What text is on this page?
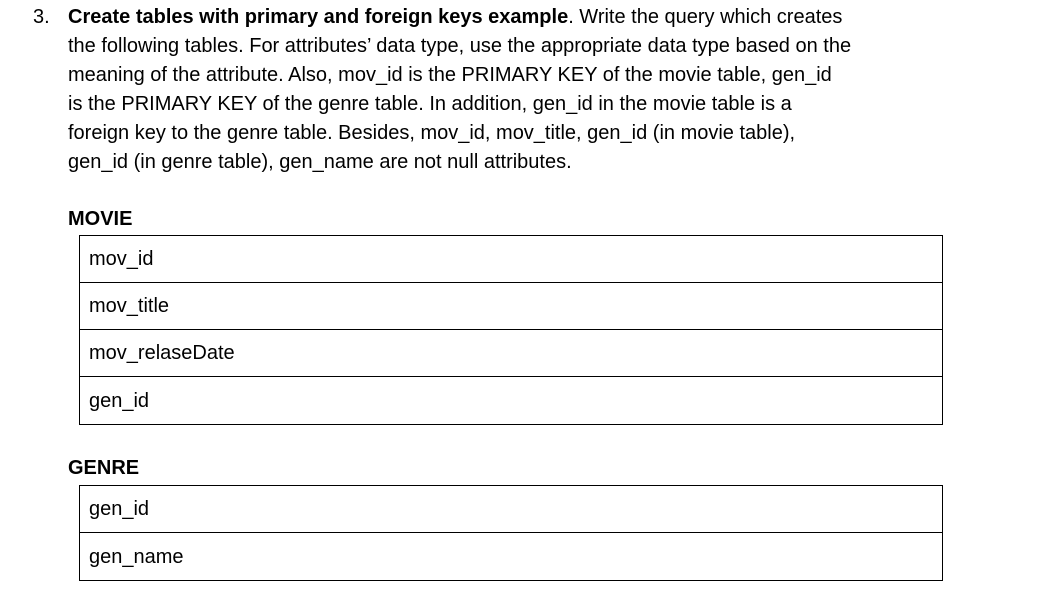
3. Create tables with primary and foreign keys example. Write the query which creates
the following tables. For attributes’ data type, use the appropriate data type based on the
meaning of the attribute. Also, mov_id is the PRIMARY KEY of the movie table, gen_id
is the PRIMARY KEY of the genre table. In addition, gen_id in the movie table is a
foreign key to the genre table. Besides, mov_id, mov_title, gen_id (in movie table),
gen_id (in genre table), gen_name are not null attributes.
MOVIE
mov_id
mov_title
mov_relaseDate
gen_id
GENRE
gen_id
gen_name
